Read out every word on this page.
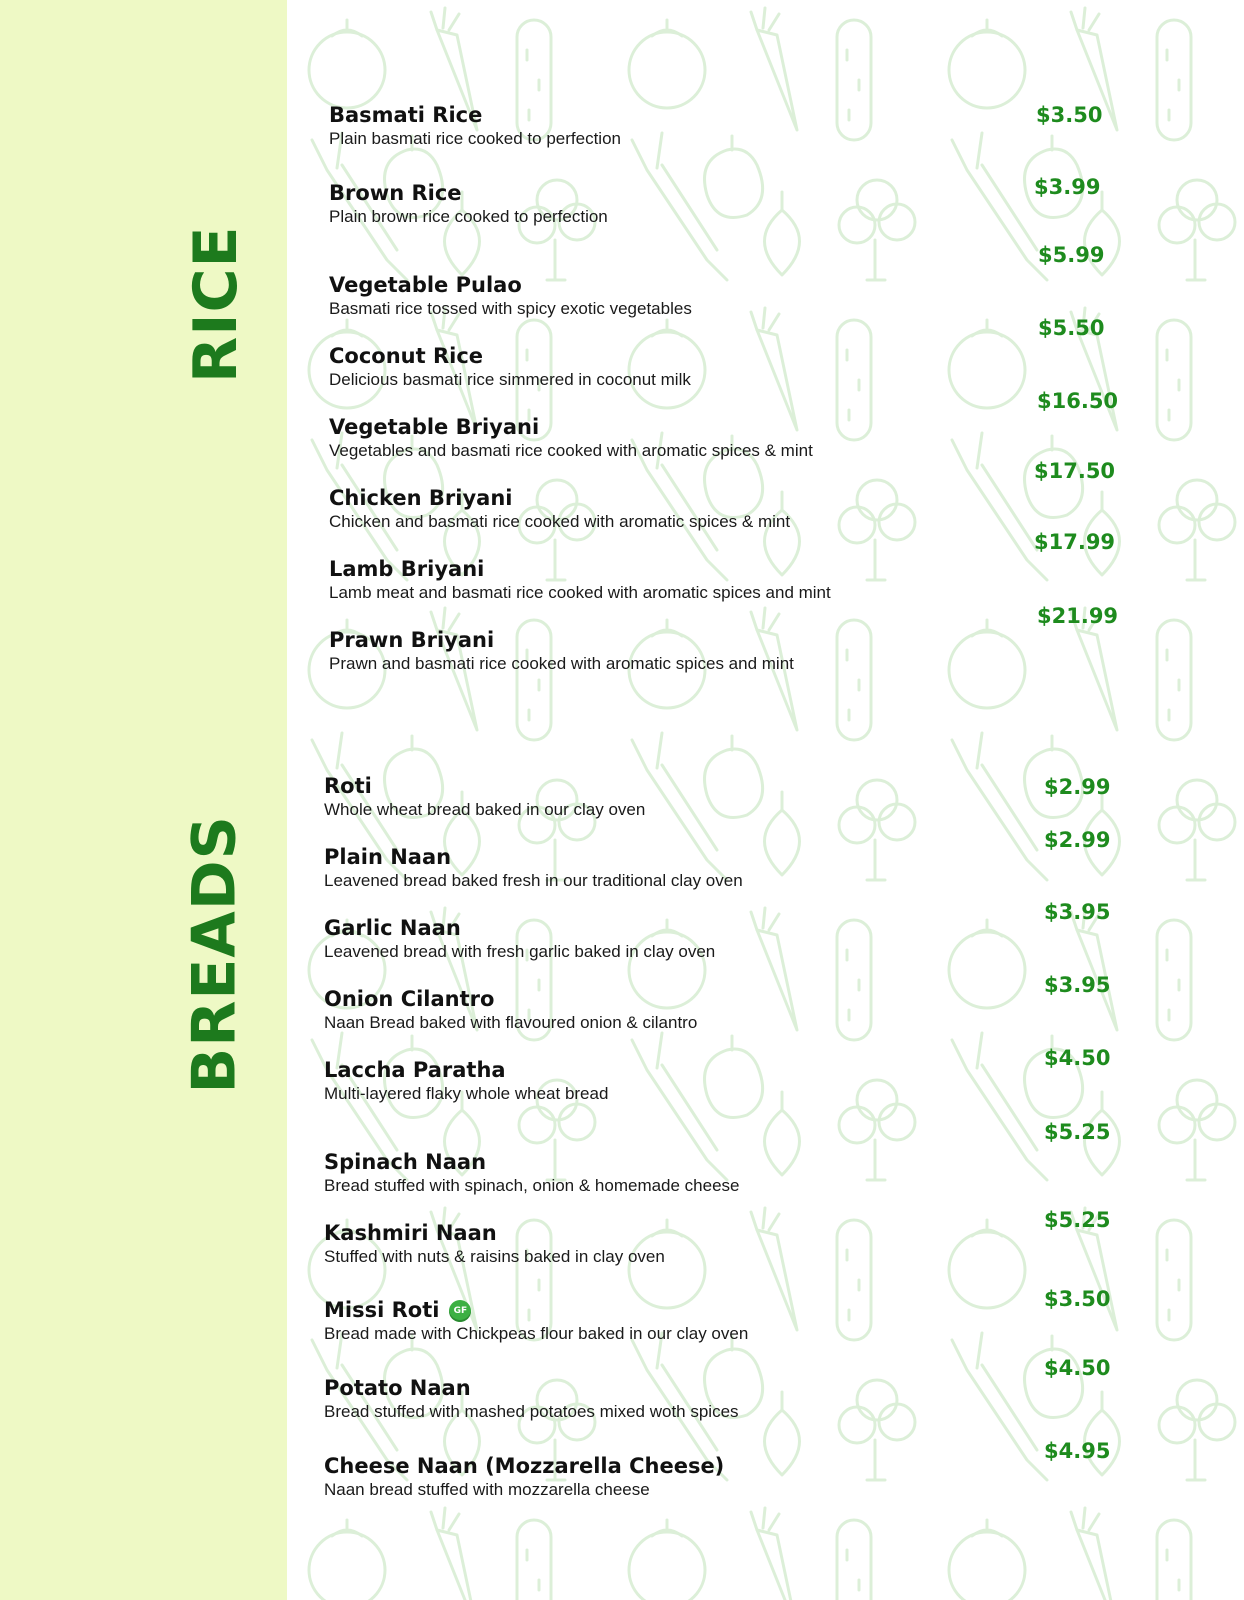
RICE
BREADS
Basmati Rice
Plain basmati rice cooked to perfection
$3.50
Brown Rice
Plain brown rice cooked to perfection
$3.99
Vegetable Pulao
Basmati rice tossed with spicy exotic vegetables
$5.99
Coconut Rice
Delicious basmati rice simmered in coconut milk
$5.50
Vegetable Briyani
Vegetables and basmati rice cooked with aromatic spices & mint
$16.50
Chicken Briyani
Chicken and basmati rice cooked with aromatic spices & mint
$17.50
Lamb Briyani
Lamb meat and basmati rice cooked with aromatic spices and mint
$17.99
Prawn Briyani
Prawn and basmati rice cooked with aromatic spices and mint
$21.99
Roti
Whole wheat bread baked in our clay oven
$2.99
Plain Naan
Leavened bread baked fresh in our traditional clay oven
$2.99
Garlic Naan
Leavened bread with fresh garlic baked in clay oven
$3.95
Onion Cilantro
Naan Bread baked with flavoured onion & cilantro
$3.95
Laccha Paratha
Multi-layered flaky whole wheat bread
$4.50
Spinach Naan
Bread stuffed with spinach, onion & homemade cheese
$5.25
Kashmiri Naan
Stuffed with nuts & raisins baked in clay oven
$5.25
Missi Roti	GF
Bread made with Chickpeas flour baked in our clay oven
$3.50
Potato Naan
Bread stuffed with mashed potatoes mixed woth spices
$4.50
Cheese Naan (Mozzarella Cheese)
Naan bread stuffed with mozzarella cheese
$4.95
